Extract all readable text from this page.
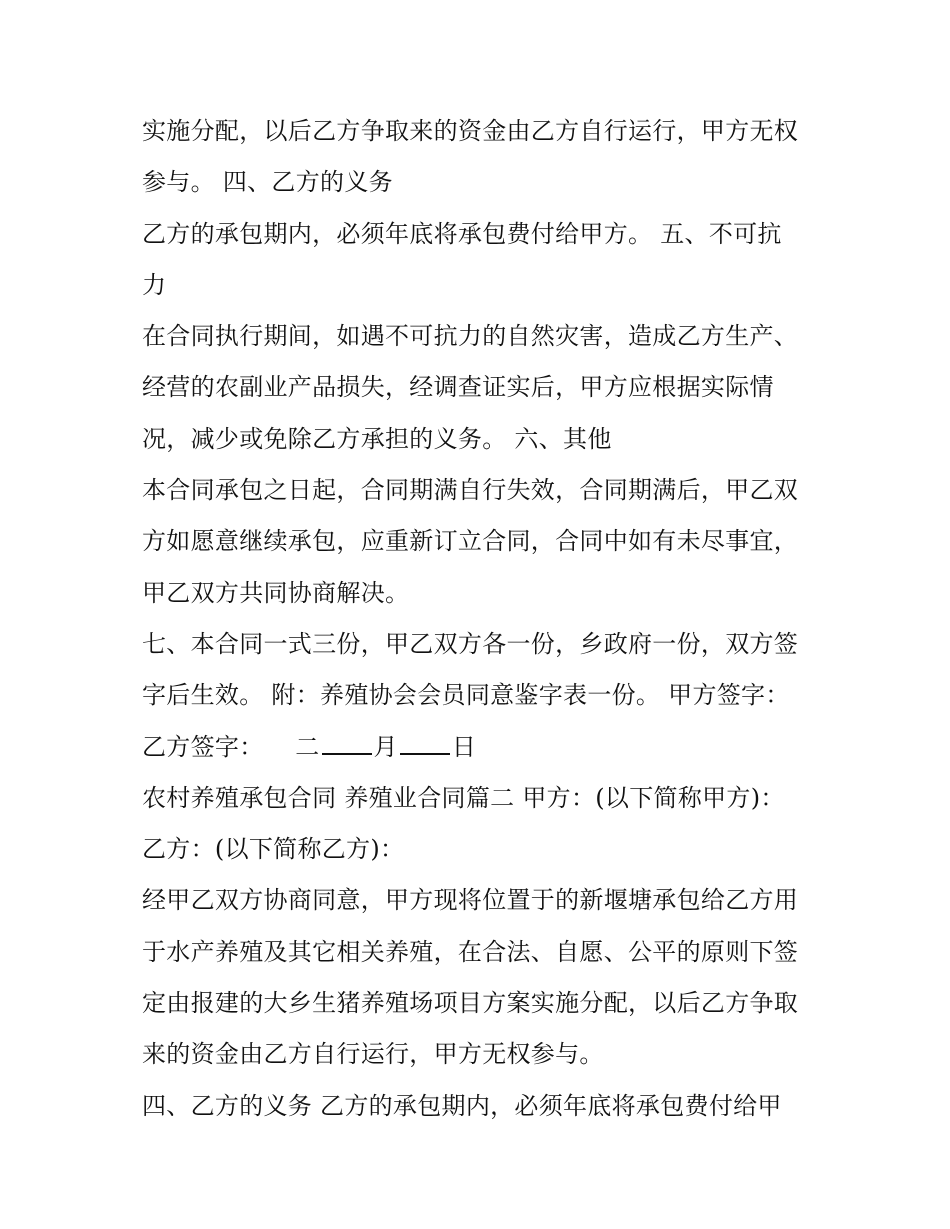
实施分配，以后乙方争取来的资金由乙方自行运行，甲方无权
参与。 四、乙方的义务
乙方的承包期内，必须年底将承包费付给甲方。 五、不可抗
力
在合同执行期间，如遇不可抗力的自然灾害，造成乙方生产、
经营的农副业产品损失，经调查证实后，甲方应根据实际情
况，减少或免除乙方承担的义务。 六、其他
本合同承包之日起，合同期满自行失效，合同期满后，甲乙双
方如愿意继续承包，应重新订立合同，合同中如有未尽事宜，
甲乙双方共同协商解决。
七、本合同一式三份，甲乙双方各一份，乡政府一份，双方签
字后生效。 附：养殖协会会员同意鉴字表一份。 甲方签字：
乙方签字： 二 月 日
农村养殖承包合同 养殖业合同篇二 甲方：(以下简称甲方)：
乙方：(以下简称乙方)：
经甲乙双方协商同意，甲方现将位置于的新堰塘承包给乙方用
于水产养殖及其它相关养殖，在合法、自愿、公平的原则下签
定由报建的大乡生猪养殖场项目方案实施分配，以后乙方争取
来的资金由乙方自行运行，甲方无权参与。
四、乙方的义务 乙方的承包期内，必须年底将承包费付给甲
